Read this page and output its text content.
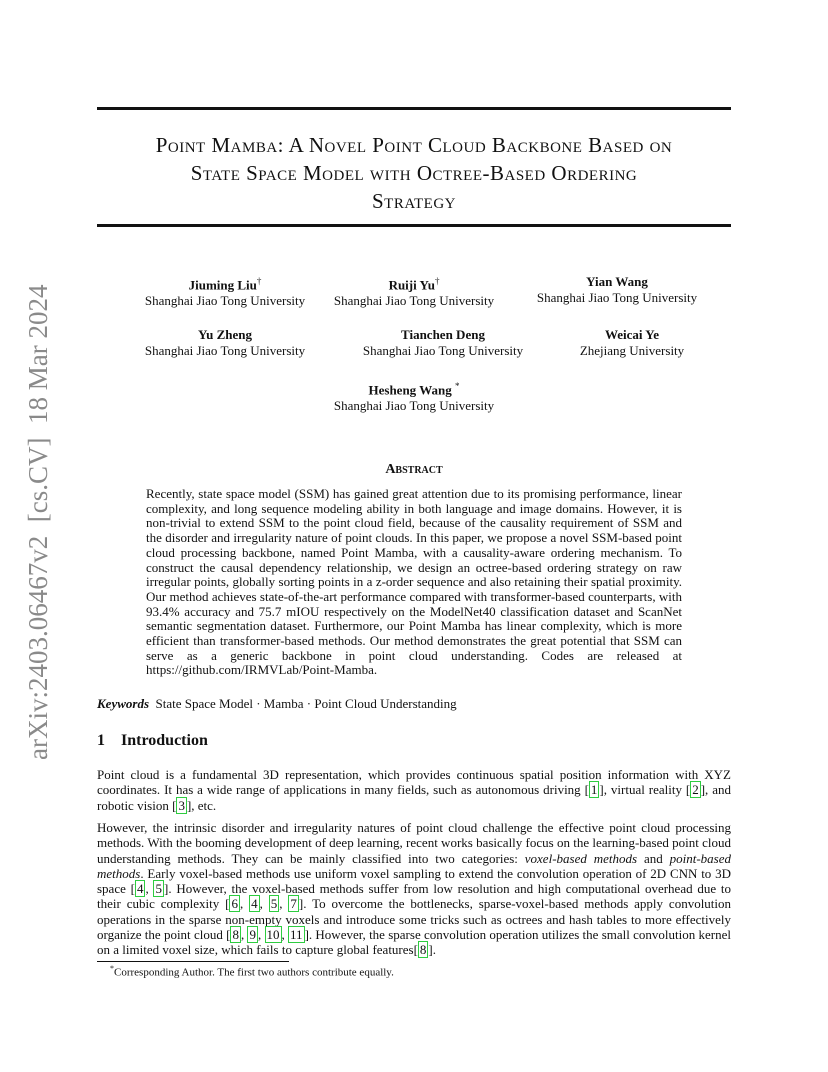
arXiv:2403.06467v2  [cs.CV]  18 Mar 2024
Point Mamba: A Novel Point Cloud Backbone Based on
State Space Model with Octree-Based Ordering
Strategy
Jiuming Liu†
Shanghai Jiao Tong University
Ruiji Yu†
Shanghai Jiao Tong University
Yian Wang
Shanghai Jiao Tong University
Yu Zheng
Shanghai Jiao Tong University
Tianchen Deng
Shanghai Jiao Tong University
Weicai Ye
Zhejiang University
Hesheng Wang *
Shanghai Jiao Tong University
Abstract
Recently, state space model (SSM) has gained great attention due to its promising performance, linear complexity, and long sequence modeling ability in both language and image domains. However, it is non-trivial to extend SSM to the point cloud field, because of the causality requirement of SSM and the disorder and irregularity nature of point clouds. In this paper, we propose a novel SSM-based point cloud processing backbone, named Point Mamba, with a causality-aware ordering mechanism. To construct the causal dependency relationship, we design an octree-based ordering strategy on raw irregular points, globally sorting points in a z-order sequence and also retaining their spatial proximity. Our method achieves state-of-the-art performance compared with transformer-based counterparts, with 93.4% accuracy and 75.7 mIOU respectively on the ModelNet40 classification dataset and ScanNet semantic segmentation dataset. Furthermore, our Point Mamba has linear complexity, which is more efficient than transformer-based methods. Our method demonstrates the great potential that SSM can serve as a generic backbone in point cloud understanding. Codes are released at https://github.com/IRMVLab/Point-Mamba.
Keywords State Space Model · Mamba · Point Cloud Understanding
1 Introduction
Point cloud is a fundamental 3D representation, which provides continuous spatial position information with XYZ coordinates. It has a wide range of applications in many fields, such as autonomous driving [ 1 ], virtual reality [ 2 ], and robotic vision [ 3 ], etc.
However, the intrinsic disorder and irregularity natures of point cloud challenge the effective point cloud processing methods. With the booming development of deep learning, recent works basically focus on the learning-based point cloud understanding methods. They can be mainly classified into two categories: voxel-based methods and point-based methods. Early voxel-based methods use uniform voxel sampling to extend the convolution operation of 2D CNN to 3D space [ 4 , 5 ]. However, the voxel-based methods suffer from low resolution and high computational overhead due to their cubic complexity [ 6 , 4 , 5 , 7 ]. To overcome the bottlenecks, sparse-voxel-based methods apply convolution operations in the sparse non-empty voxels and introduce some tricks such as octrees and hash tables to more effectively organize the point cloud [ 8 , 9 , 10 , 11 ]. However, the sparse convolution operation utilizes the small convolution kernel on a limited voxel size, which fails to capture global features[ 8 ].
*Corresponding Author. The first two authors contribute equally.
